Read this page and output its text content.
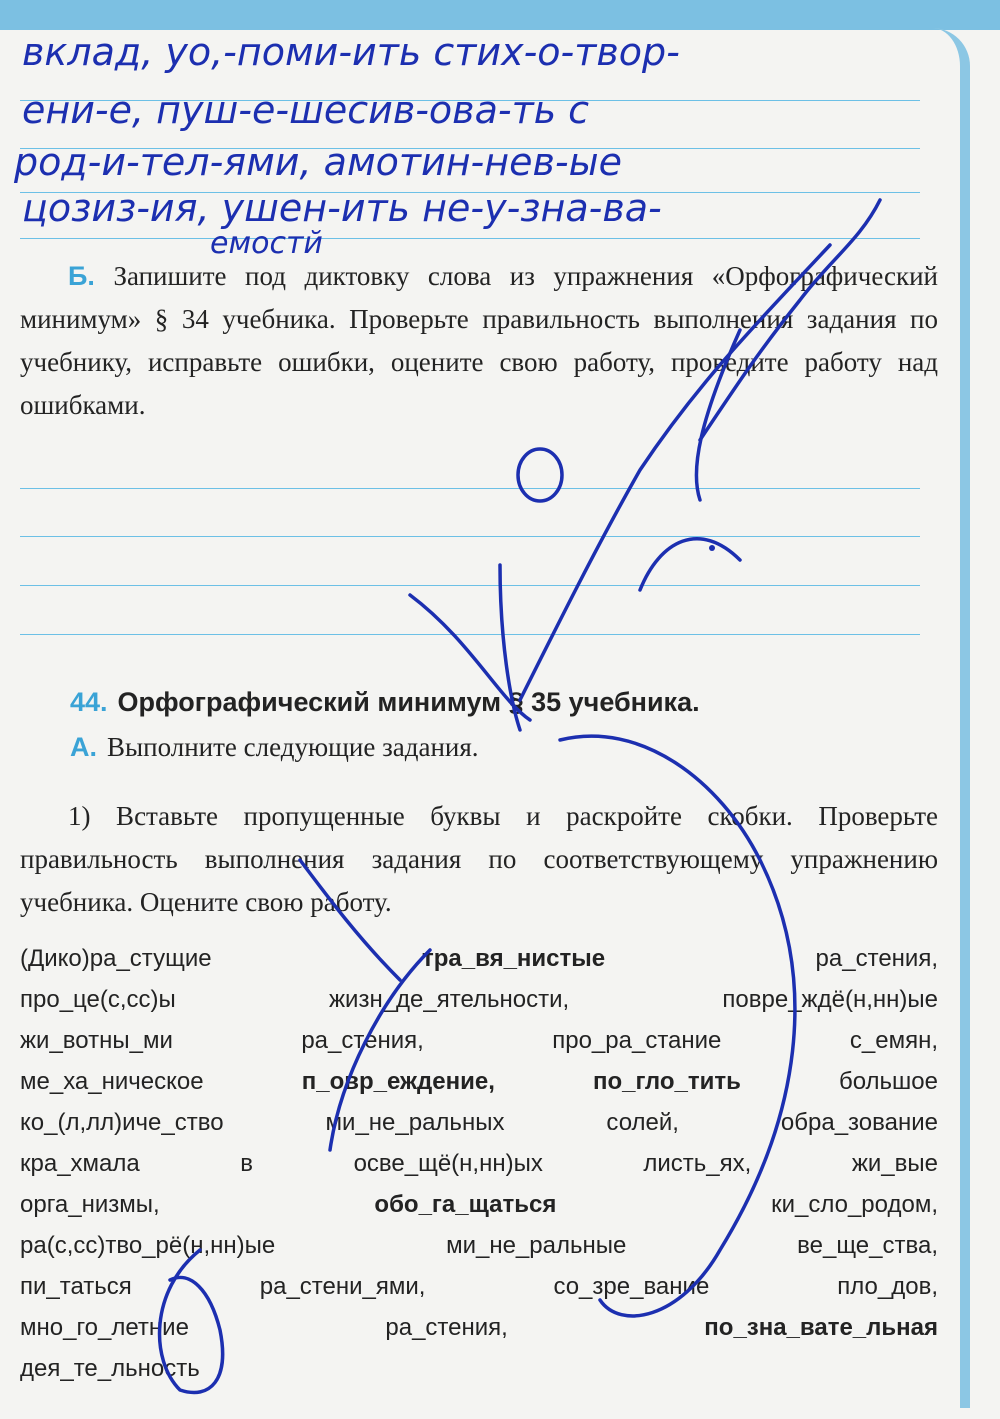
вклад, уо,-поми-ить стих-о-твор-
ени-е, пуш-е-шесив-ова-ть с
род-и-тел-ями, амотин-нев-ые
цозиз-ия, ушен-ить не-у-зна-ва-
емостй
Б. Запишите под диктовку слова из упражнения «Орфографический минимум» § 34 учебника. Проверьте правильность выполнения задания по учебнику, исправьте ошибки, оцените свою работу, проведите работу над ошибками.
44. Орфографический минимум § 35 учебника.
А. Выполните следующие задания.
1) Вставьте пропущенные буквы и раскройте скобки. Проверьте правильность выполнения задания по соответствующему упражнению учебника. Оцените свою работу.
(Дико)ра_стущие	тра_вя_нистые	ра_стения,
про_це(с,сс)ы	жизн_де_ятельности,	повре_ждё(н,нн)ые
жи_вотны_ми	ра_стения,	про_ра_стание	с_емян,
ме_ха_ническое	п_овр_еждение,	по_гло_тить	большое
ко_(л,лл)иче_ство	ми_не_ральных	солей,	обра_зование
кра_хмала	в	осве_щё(н,нн)ых	листь_ях,	жи_вые
орга_низмы,	обо_га_щаться	ки_сло_родом,
ра(с,сс)тво_рё(н,нн)ые	ми_не_ральные	ве_ще_ства,
пи_таться	ра_стени_ями,	со_зре_вание	пло_дов,
мно_го_летние	ра_стения,	по_зна_вате_льная
дея_те_льность
